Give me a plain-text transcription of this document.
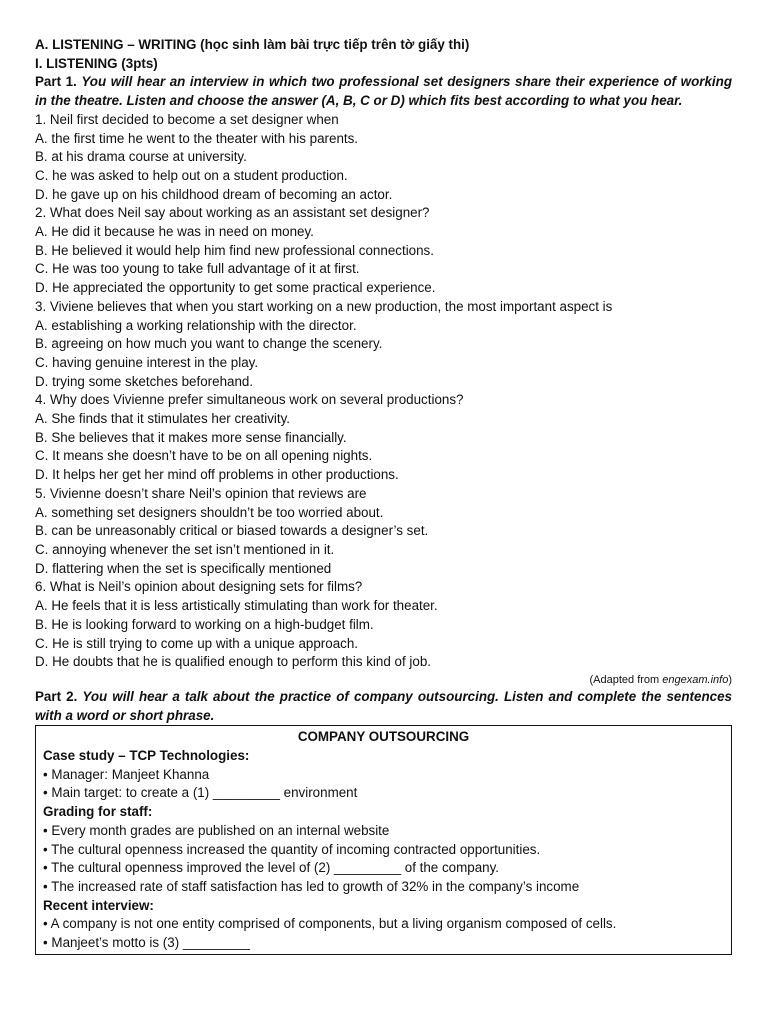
A. LISTENING – WRITING (học sinh làm bài trực tiếp trên tờ giấy thi)
I. LISTENING (3pts)
Part 1. You will hear an interview in which two professional set designers share their experience of working in the theatre. Listen and choose the answer (A, B, C or D) which fits best according to what you hear.
1. Neil first decided to become a set designer when
A. the first time he went to the theater with his parents.
B. at his drama course at university.
C. he was asked to help out on a student production.
D. he gave up on his childhood dream of becoming an actor.
2. What does Neil say about working as an assistant set designer?
A. He did it because he was in need on money.
B. He believed it would help him find new professional connections.
C. He was too young to take full advantage of it at first.
D. He appreciated the opportunity to get some practical experience.
3. Viviene believes that when you start working on a new production, the most important aspect is
A. establishing a working relationship with the director.
B. agreeing on how much you want to change the scenery.
C. having genuine interest in the play.
D. trying some sketches beforehand.
4. Why does Vivienne prefer simultaneous work on several productions?
A. She finds that it stimulates her creativity.
B. She believes that it makes more sense financially.
C. It means she doesn’t have to be on all opening nights.
D. It helps her get her mind off problems in other productions.
5. Vivienne doesn’t share Neil’s opinion that reviews are
A. something set designers shouldn’t be too worried about.
B. can be unreasonably critical or biased towards a designer’s set.
C. annoying whenever the set isn’t mentioned in it.
D. flattering when the set is specifically mentioned
6. What is Neil’s opinion about designing sets for films?
A. He feels that it is less artistically stimulating than work for theater.
B. He is looking forward to working on a high-budget film.
C. He is still trying to come up with a unique approach.
D. He doubts that he is qualified enough to perform this kind of job.
(Adapted from engexam.info)
Part 2. You will hear a talk about the practice of company outsourcing. Listen and complete the sentences with a word or short phrase.
COMPANY OUTSOURCING
Case study – TCP Technologies:
• Manager: Manjeet Khanna
• Main target: to create a (1) _________ environment
Grading for staff:
• Every month grades are published on an internal website
• The cultural openness increased the quantity of incoming contracted opportunities.
• The cultural openness improved the level of (2) _________ of the company.
• The increased rate of staff satisfaction has led to growth of 32% in the company’s income
Recent interview:
• A company is not one entity comprised of components, but a living organism composed of cells.
• Manjeet’s motto is (3) _________
